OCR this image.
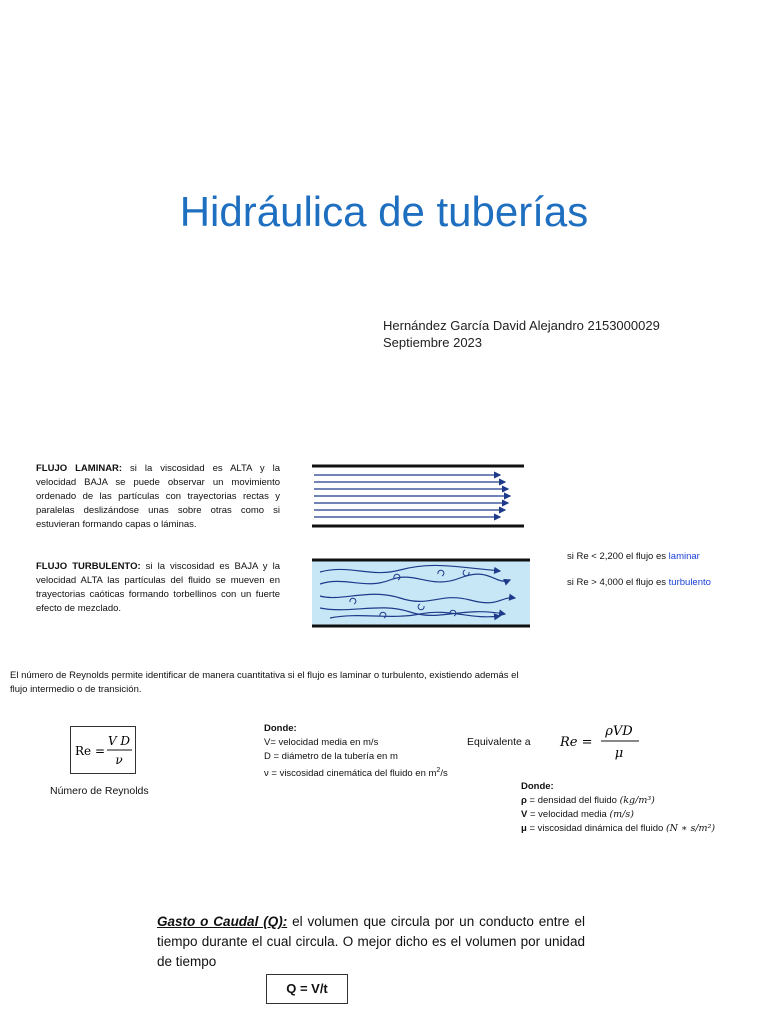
Hidráulica de tuberías
Hernández García David Alejandro 2153000029
Septiembre 2023
FLUJO LAMINAR: si la viscosidad es ALTA y la velocidad BAJA se puede observar un movimiento ordenado de las partículas con trayectorias rectas y paralelas deslizándose unas sobre otras como si estuvieran formando capas o láminas.
FLUJO TURBULENTO: si la viscosidad es BAJA y la velocidad ALTA las partículas del fluido se mueven en trayectorias caóticas formando torbellinos con un fuerte efecto de mezclado.
si Re < 2,200 el flujo es laminar
si Re > 4,000 el flujo es turbulento
El número de Reynolds permite identificar de manera cuantitativa si el flujo es laminar o turbulento, existiendo además el flujo intermedio o de transición.
Re =
V D
ν
Número de Reynolds
Donde:
V= velocidad media en m/s
D = diámetro de la tubería en m
ν = viscosidad cinemática del fluido en $m^2/s$
Equivalente a Re =
ρVD
μ
Donde:
ρ = densidad del fluido (kg/m³)
V = velocidad media (m/s)
μ = viscosidad dinámica del fluido (N ∗ s/m²)
Gasto o Caudal (Q): el volumen que circula por un conducto entre el tiempo durante el cual circula. O mejor dicho es el volumen por unidad de tiempo
Q = V/t
